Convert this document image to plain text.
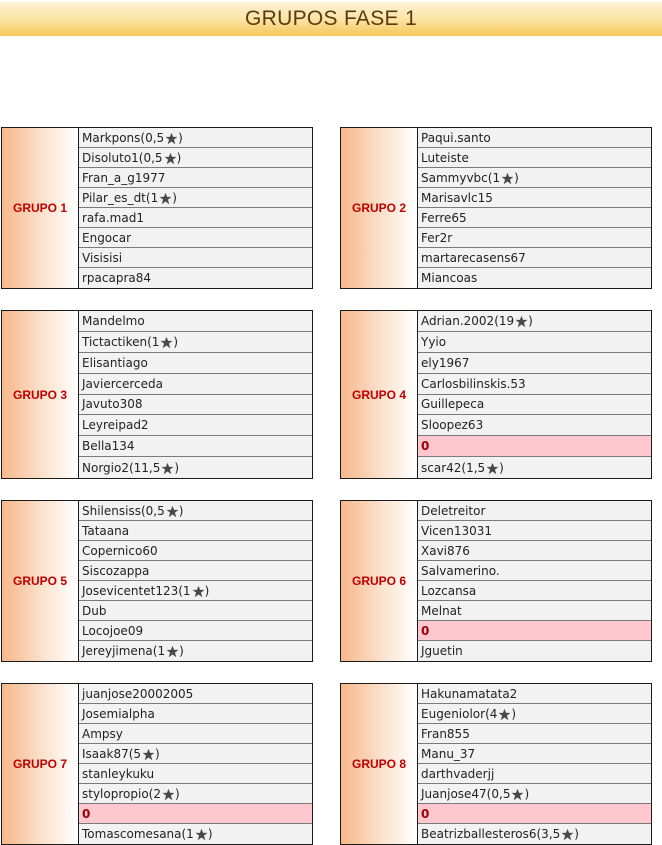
GRUPOS FASE 1
GRUPO 1
Markpons(0,5 )
Disoluto1(0,5 )
Fran_a_g1977
Pilar_es_dt(1 )
rafa.mad1
Engocar
Visisisi
rpacapra84
GRUPO 2
Paqui.santo
Luteiste
Sammyvbc(1 )
Marisavlc15
Ferre65
Fer2r
martarecasens67
Miancoas
GRUPO 3
Mandelmo
Tictactiken(1 )
Elisantiago
Javiercerceda
Javuto308
Leyreipad2
Bella134
Norgio2(11,5 )
GRUPO 4
Adrian.2002(19 )
Yyio
ely1967
Carlosbilinskis.53
Guillepeca
Sloopez63
0
scar42(1,5 )
GRUPO 5
Shilensiss(0,5 )
Tataana
Copernico60
Siscozappa
Josevicentet123(1 )
Dub
Locojoe09
Jereyjimena(1 )
GRUPO 6
Deletreitor
Vicen13031
Xavi876
Salvamerino.
Lozcansa
Melnat
0
Jguetin
GRUPO 7
juanjose20002005
Josemialpha
Ampsy
Isaak87(5 )
stanleykuku
stylopropio(2 )
0
Tomascomesana(1 )
GRUPO 8
Hakunamatata2
Eugeniolor(4 )
Fran855
Manu_37
darthvaderjj
Juanjose47(0,5 )
0
Beatrizballesteros6(3,5 )
